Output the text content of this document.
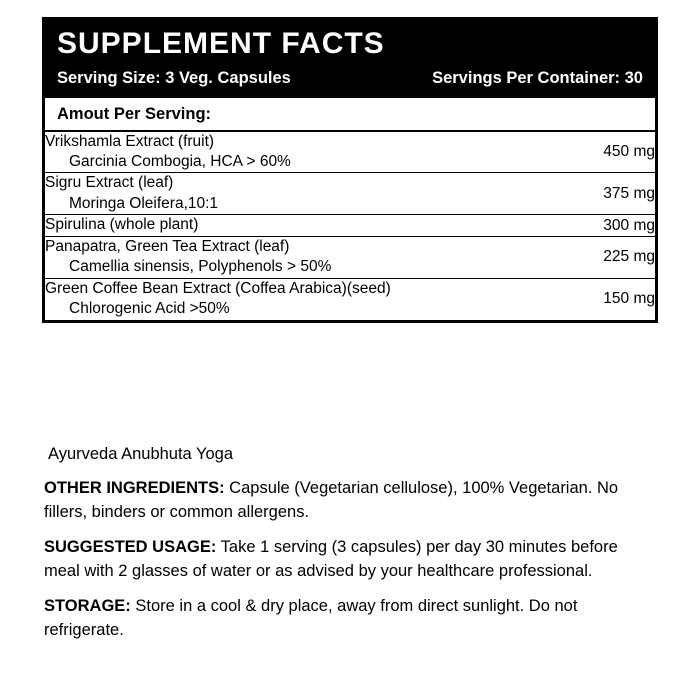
SUPPLEMENT FACTS
Serving Size: 3 Veg. Capsules	Servings Per Container: 30
Amout Per Serving:
Vrikshamla Extract (fruit)
Garcinia Combogia, HCA > 60%	450 mg

Sigru Extract (leaf)
Moringa Oleifera,10:1	375 mg

Spirulina (whole plant)	300 mg

Panapatra, Green Tea Extract (leaf)
Camellia sinensis, Polyphenols > 50%	225 mg

Green Coffee Bean Extract (Coffea Arabica)(seed)
Chlorogenic Acid >50%	150 mg
Ayurveda Anubhuta Yoga
OTHER INGREDIENTS: Capsule (Vegetarian cellulose), 100% Vegetarian. No fillers, binders or common allergens.
SUGGESTED USAGE: Take 1 serving (3 capsules) per day 30 minutes before meal with 2 glasses of water or as advised by your healthcare professional.
STORAGE: Store in a cool & dry place, away from direct sunlight. Do not refrigerate.
